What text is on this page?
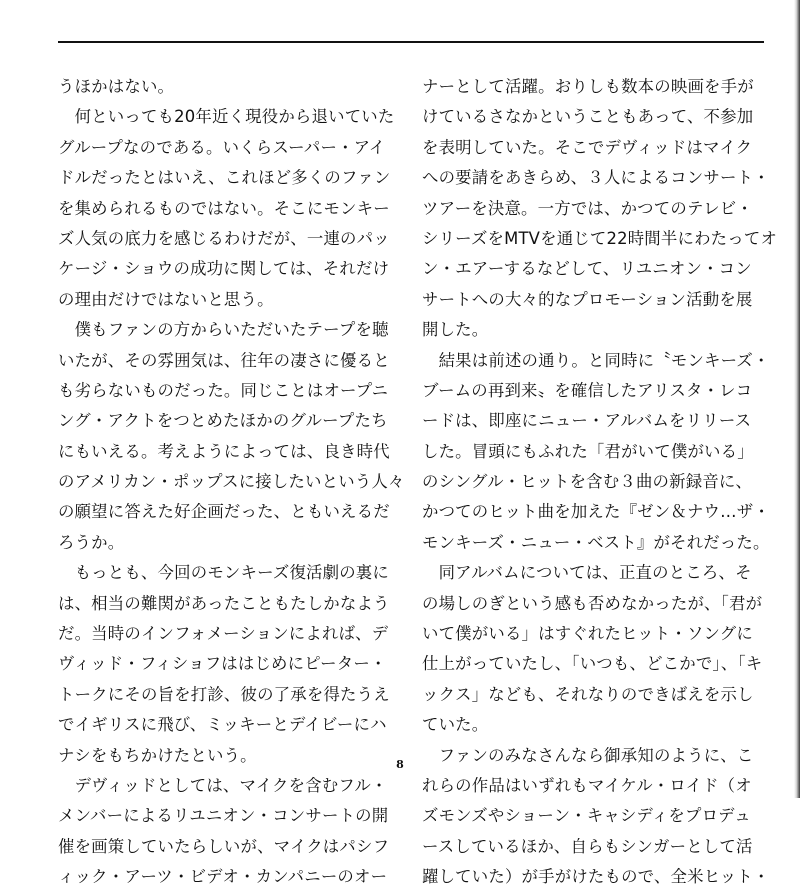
うほかはない。
　何といっても20年近く現役から退いていた
グループなのである。いくらスーパー・アイ
ドルだったとはいえ、これほど多くのファン
を集められるものではない。そこにモンキー
ズ人気の底力を感じるわけだが、一連のパッ
ケージ・ショウの成功に関しては、それだけ
の理由だけではないと思う。
　僕もファンの方からいただいたテープを聴
いたが、その雰囲気は、往年の凄さに優ると
も劣らないものだった。同じことはオープニ
ング・アクトをつとめたほかのグループたち
にもいえる。考えようによっては、良き時代
のアメリカン・ポップスに接したいという人々
の願望に答えた好企画だった、ともいえるだ
ろうか。
　もっとも、今回のモンキーズ復活劇の裏に
は、相当の難関があったこともたしかなよう
だ。当時のインフォメーションによれば、デ
ヴィッド・フィショフははじめにピーター・
トークにその旨を打診、彼の了承を得たうえ
でイギリスに飛び、ミッキーとデイビーにハ
ナシをもちかけたという。
　デヴィッドとしては、マイクを含むフル・
メンバーによるリユニオン・コンサートの開
催を画策していたらしいが、マイクはパシフ
ィック・アーツ・ビデオ・カンパニーのオー
ナーとして活躍。おりしも数本の映画を手が
けているさなかということもあって、不参加
を表明していた。そこでデヴィッドはマイク
への要請をあきらめ、３人によるコンサート・
ツアーを決意。一方では、かつてのテレビ・
シリーズをMTVを通じて22時間半にわたってオ
ン・エアーするなどして、リユニオン・コン
サートへの大々的なプロモーション活動を展
開した。
　結果は前述の通り。と同時に〝モンキーズ・
ブームの再到来〟を確信したアリスタ・レコ
ードは、即座にニュー・アルバムをリリース
した。冒頭にもふれた「君がいて僕がいる」
のシングル・ヒットを含む３曲の新録音に、
かつてのヒット曲を加えた『ゼン＆ナウ…ザ・
モンキーズ・ニュー・ベスト』がそれだった。
　同アルバムについては、正直のところ、そ
の場しのぎという感も否めなかったが、「君が
いて僕がいる」はすぐれたヒット・ソングに
仕上がっていたし、「いつも、どこかで」、「キ
ックス」なども、それなりのできばえを示し
ていた。
　ファンのみなさんなら御承知のように、こ
れらの作品はいずれもマイケル・ロイド（オ
ズモンズやショーン・キャシディをプロデュ
ースしているほか、自らもシンガーとして活
躍していた）が手がけたもので、全米ヒット・
8
